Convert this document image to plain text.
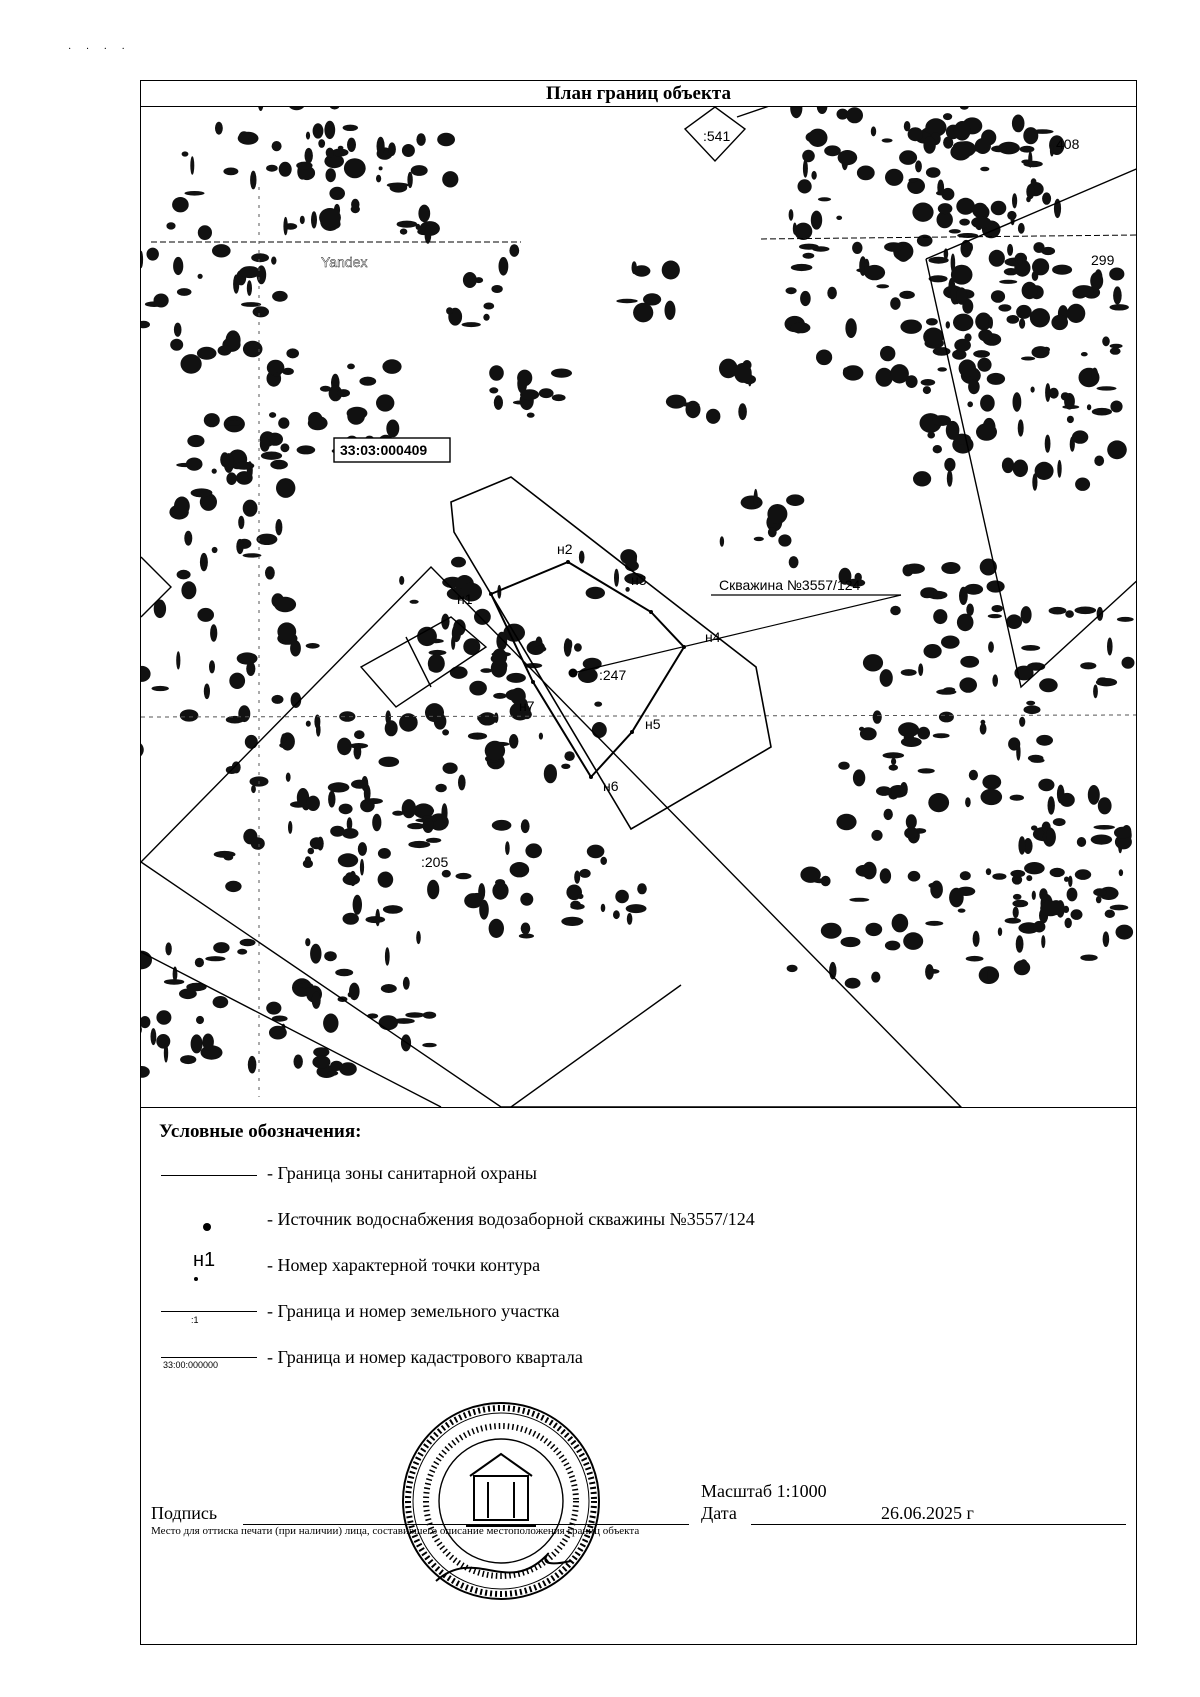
· · · ·
План границ объекта
:541
299
408
Yandex
33:03:000409
:247
:205
Скважина №3557/124
н1
н2
н3
н4
н5
н6
н7
Условные обозначения:
- Граница зоны санитарной охраны
- Источник водоснабжения водозаборной скважины №3557/124
н1	- Номер характерной точки контура
:1	- Граница и номер земельного участка
33:00:000000	- Граница и номер кадастрового квартала
Масштаб 1:1000
Подпись	Дата	26.06.2025 г
Место для оттиска печати (при наличии) лица, составившего описание местоположения границ объекта
